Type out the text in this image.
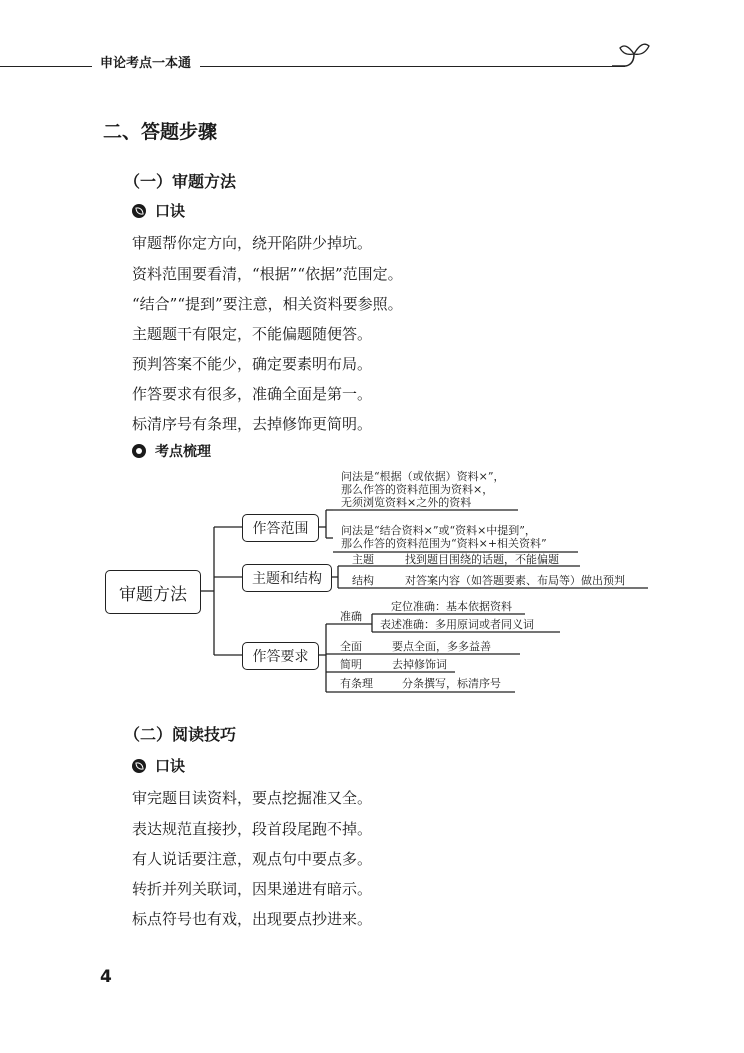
申论考点一本通
二、答题步骤
（一）审题方法
口诀
审题帮你定方向，绕开陷阱少掉坑。
资料范围要看清，“根据”“依据”范围定。
“结合”“提到”要注意，相关资料要参照。
主题题干有限定，不能偏题随便答。
预判答案不能少，确定要素明布局。
作答要求有很多，准确全面是第一。
标清序号有条理，去掉修饰更简明。
考点梳理
审题方法
作答范围
主题和结构
作答要求
问法是“根据（或依据）资料×”，
那么作答的资料范围为资料×，
无须浏览资料×之外的资料
问法是“结合资料×”或“资料×中提到”，
那么作答的资料范围为“资料×+相关资料”
主题	找到题目围绕的话题，不能偏题
结构	对答案内容（如答题要素、布局等）做出预判
准确
定位准确：基本依据资料
表述准确：多用原词或者同义词
全面	要点全面，多多益善
简明	去掉修饰词
有条理	分条撰写，标清序号
（二）阅读技巧
口诀
审完题目读资料，要点挖掘准又全。
表达规范直接抄，段首段尾跑不掉。
有人说话要注意，观点句中要点多。
转折并列关联词，因果递进有暗示。
标点符号也有戏，出现要点抄进来。
4
